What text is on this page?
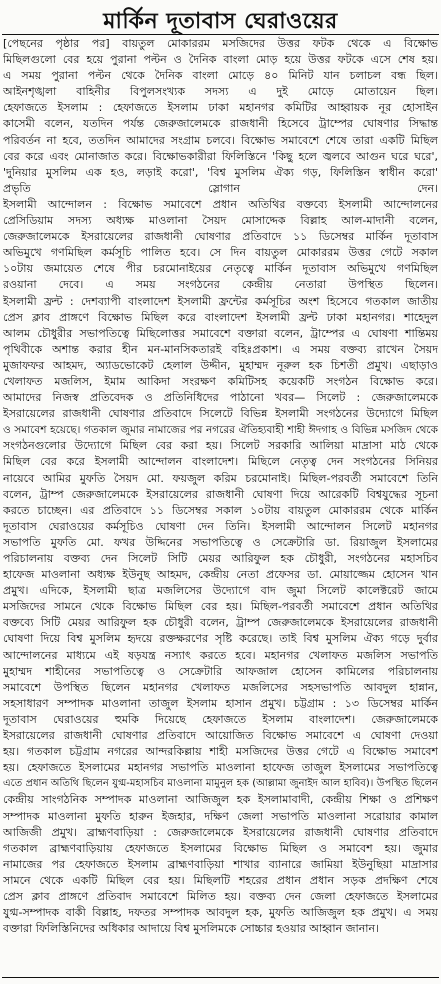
মার্কিন দূতাবাস ঘেরাওয়ের
[পেছনের পৃষ্ঠার পর] বায়তুল মোকাররম মসজিদের উত্তর ফটক থেকে এ বিক্ষোভ
মিছিলগুলো বের হয়ে পুরানা পল্টন ও দৈনিক বাংলা মোড় হয়ে উত্তর ফটকে এসে শেষ হয়।
এ সময় পুরানা পল্টন থেকে দৈনিক বাংলা মোড়ে ৪০ মিনিট যান চলাচল বন্ধ ছিল।
আইনশৃঙ্খলা বাহিনীর বিপুলসংখ্যক সদস্য এ দুই মোড়ে মোতায়েন ছিল।
হেফাজতে ইসলাম : হেফাজতে ইসলাম ঢাকা মহানগর কমিটির আহ্বায়ক নূর হোসাইন
কাসেমী বলেন, যতদিন পর্যন্ত জেরুজালেমকে রাজধানী হিসেবে ট্রাম্পের ঘোষণার সিদ্ধান্ত
পরিবর্তন না হবে, ততদিন আমাদের সংগ্রাম চলবে। বিক্ষোভ সমাবেশে শেষে তারা একটি মিছিল
বের করে এবং মোনাজাত করে। বিক্ষোভকারীরা ফিলিস্তিনে 'কিছু হলে জ্বলবে আগুন ঘরে ঘরে',
'দুনিয়ার মুসলিম এক হও, লড়াই করো', 'বিশ্ব মুসলিম ঐক্য গড়, ফিলিস্তিন স্বাধীন করো'
প্রভৃতি স্লোগান দেন।
ইসলামী আন্দোলন : বিক্ষোভ সমাবেশে প্রধান অতিথির বক্তব্যে ইসলামী আন্দোলনের
প্রেসিডিয়াম সদস্য অধ্যক্ষ মাওলানা সৈয়দ মোসাদ্দেক বিল্লাহ আল-মাদানী বলেন,
জেরুজালেমকে ইসরায়েলের রাজধানী ঘোষণার প্রতিবাদে ১১ ডিসেম্বর মার্কিন দূতাবাস
অভিমুখে গণমিছিল কর্মসূচি পালিত হবে। সে দিন বায়তুল মোকাররম উত্তর গেটে সকাল
১০টায় জমায়েত শেষে পীর চরমোনাইয়ের নেতৃত্বে মার্কিন দূতাবাস অভিমুখে গণমিছিল
রওয়ানা দেবে। এ সময় সংগঠনের কেন্দ্রীয় নেতারা উপস্থিত ছিলেন।
ইসলামী ফ্রন্ট : দেশব্যাপী বাংলাদেশ ইসলামী ফ্রন্টের কর্মসূচির অংশ হিসেবে গতকাল জাতীয়
প্রেস ক্লাব প্রাঙ্গণে বিক্ষোভ মিছিল করে বাংলাদেশ ইসলামী ফ্রন্ট ঢাকা মহানগর। শাহেদুল
আলম চৌধুরীর সভাপতিত্বে মিছিলোত্তর সমাবেশে বক্তারা বলেন, ট্রাম্পের এ ঘোষণা শান্তিময়
পৃথিবীকে অশান্ত করার হীন মন-মানসিকতারই বহিঃপ্রকাশ। এ সময় বক্তব্য রাখেন সৈয়দ
মুজাফফর আহমদ, অ্যাডভোকেট হেলাল উদ্দীন, মুহাম্মদ নূরুল হক চিশতী প্রমুখ। এছাড়াও
খেলাফত মজলিস, ইমাম আকিদা সংরক্ষণ কমিটিসহ কয়েকটি সংগঠন বিক্ষোভ করে।
আমাদের নিজস্ব প্রতিবেদক ও প্রতিনিধিদের পাঠানো খবর— সিলেট : জেরুজালেমকে
ইসরায়েলের রাজধানী ঘোষণার প্রতিবাদে সিলেটে বিভিন্ন ইসলামী সংগঠনের উদ্যোগে মিছিল
ও সমাবেশ হয়েছে। গতকাল জুমার নামাজের পর নগরের ঐতিহ্যবাহী শাহী ঈদগাহ ও বিভিন্ন মসজিদ থেকে
সংগঠনগুলোর উদ্যোগে মিছিল বের করা হয়। সিলেট সরকারি আলিয়া মাদ্রাসা মাঠ থেকে
মিছিল বের করে ইসলামী আন্দোলন বাংলাদেশ। মিছিলে নেতৃত্ব দেন সংগঠনের সিনিয়র
নায়েবে আমির মুফতি সৈয়দ মো. ফয়জুল করিম চরমোনাই। মিছিল-পরবর্তী সমাবেশে তিনি
বলেন, ট্রাম্প জেরুজালেমকে ইসরায়েলের রাজধানী ঘোষণা দিয়ে আরেকটি বিশ্বযুদ্ধের সূচনা
করতে চাচ্ছেন। এর প্রতিবাদে ১১ ডিসেম্বর সকাল ১০টায় বায়তুল মোকাররম থেকে মার্কিন
দূতাবাস ঘেরাওয়ের কর্মসূচিও ঘোষণা দেন তিনি। ইসলামী আন্দোলন সিলেট মহানগর
সভাপতি মুফতি মো. ফখর উদ্দিনের সভাপতিত্বে ও সেক্রেটারি ডা. রিয়াজুল ইসলামের
পরিচালনায় বক্তব্য দেন সিলেট সিটি মেয়র আরিফুল হক চৌধুরী, সংগঠনের মহাসচিব
হাফেজ মাওলানা অধ্যক্ষ ইউনুছ আহমদ, কেন্দ্রীয় নেতা প্রফেসর ডা. মোয়াজ্জেম হোসেন খান
প্রমুখ। এদিকে, ইসলামী ছাত্র মজলিসের উদ্যোগে বাদ জুমা সিলেট কালেক্টরেট জামে
মসজিদের সামনে থেকে বিক্ষোভ মিছিল বের হয়। মিছিল-পরবর্তী সমাবেশে প্রধান অতিথির
বক্তব্যে সিটি মেয়র আরিফুল হক চৌধুরী বলেন, ট্রাম্প জেরুজালেমকে ইসরায়েলের রাজধানী
ঘোষণা দিয়ে বিশ্ব মুসলিম হৃদয়ে রক্তক্ষরণের সৃষ্টি করেছে। তাই বিশ্ব মুসলিম ঐক্য গড়ে দুর্বার
আন্দোলনের মাধ্যমে এই ষড়যন্ত্র নস্যাৎ করতে হবে। মহানগর খেলাফত মজলিস সভাপতি
মুহাম্মদ শাহীনের সভাপতিত্বে ও সেক্রেটারি আফজাল হোসেন কামিলের পরিচালনায়
সমাবেশে উপস্থিত ছিলেন মহানগর খেলাফত মজলিসের সহসভাপতি আবদুল হান্নান,
সহসাধারণ সম্পাদক মাওলানা তাজুল ইসলাম হাসান প্রমুখ। চট্টগ্রাম : ১৩ ডিসেম্বর মার্কিন
দূতাবাস ঘেরাওয়ের হুমকি দিয়েছে হেফাজতে ইসলাম বাংলাদেশ। জেরুজালেমকে
ইসরায়েলের রাজধানী ঘোষণার প্রতিবাদে আয়োজিত বিক্ষোভ সমাবেশে এ ঘোষণা দেওয়া
হয়। গতকাল চট্টগ্রাম নগরের আন্দরকিল্লায় শাহী মসজিদের উত্তর গেটে এ বিক্ষোভ সমাবেশ
হয়। হেফাজতে ইসলামের মহানগর সভাপতি মাওলানা হাফেজ তাজুল ইসলামের সভাপতিত্বে
এতে প্রধান অতিথি ছিলেন যুগ্ম-মহাসচিব মাওলানা মামুনুল হক (আল্লামা জুনাইদ আল হাবিব)। উপস্থিত ছিলেন
কেন্দ্রীয় সাংগঠনিক সম্পাদক মাওলানা আজিজুল হক ইসলামাবাদী, কেন্দ্রীয় শিক্ষা ও প্রশিক্ষণ
সম্পাদক মাওলানা মুফতি হারুন ইজহার, দক্ষিণ জেলা সভাপতি মাওলানা সরোয়ার কামাল
আজিজী প্রমুখ। ব্রাহ্মণবাড়িয়া : জেরুজালেমকে ইসরায়েলের রাজধানী ঘোষণার প্রতিবাদে
গতকাল ব্রাহ্মণবাড়িয়ায় হেফাজতে ইসলামের বিক্ষোভ মিছিল ও সমাবেশ হয়। জুমার
নামাজের পর হেফাজতে ইসলাম ব্রাহ্মণবাড়িয়া শাখার ব্যানারে জামিয়া ইউনুছিয়া মাদ্রাসার
সামনে থেকে একটি মিছিল বের হয়। মিছিলটি শহরের প্রধান প্রধান সড়ক প্রদক্ষিণ শেষে
প্রেস ক্লাব প্রাঙ্গণে প্রতিবাদ সমাবেশে মিলিত হয়। বক্তব্য দেন জেলা হেফাজতে ইসলামের
যুগ্ম-সম্পাদক বাকী বিল্লাহ, দফতর সম্পাদক আবদুল হক, মুফতি আজিজুল হক প্রমুখ। এ সময়
বক্তারা ফিলিস্তিনিদের অধিকার আদায়ে বিশ্ব মুসলিমকে সোচ্চার হওয়ার আহ্বান জানান।
